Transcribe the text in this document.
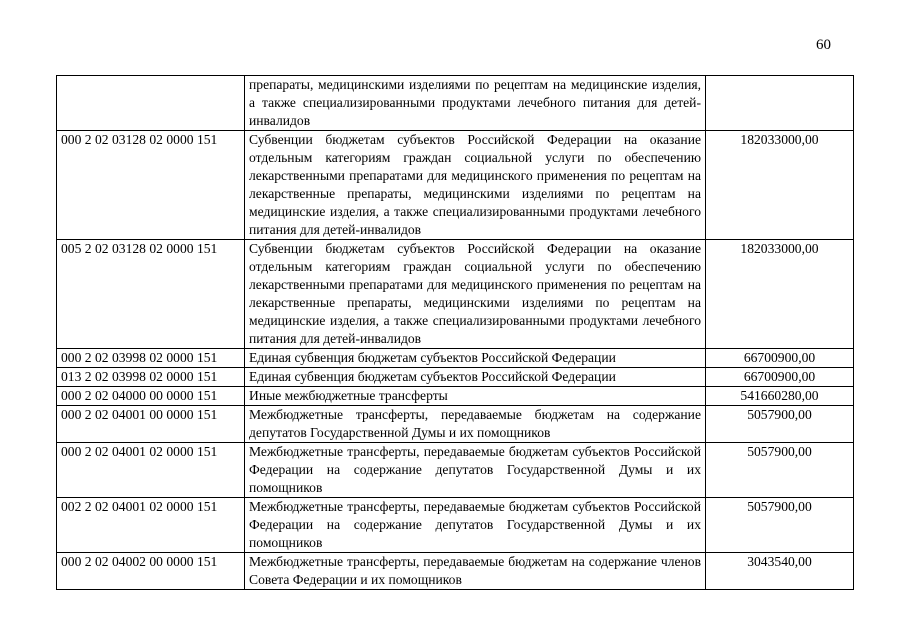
60
	препараты, медицинскими изделиями по рецептам на медицинские изделия, а также специализированными продуктами лечебного питания для детей-инвалидов	
000 2 02 03128 02 0000 151	Субвенции бюджетам субъектов Российской Федерации на оказание отдельным категориям граждан социальной услуги по обеспечению лекарственными препаратами для медицинского применения по рецептам на лекарственные препараты, медицинскими изделиями по рецептам на медицинские изделия, а также специализированными продуктами лечебного питания для детей-инвалидов	182033000,00
005 2 02 03128 02 0000 151	Субвенции бюджетам субъектов Российской Федерации на оказание отдельным категориям граждан социальной услуги по обеспечению лекарственными препаратами для медицинского применения по рецептам на лекарственные препараты, медицинскими изделиями по рецептам на медицинские изделия, а также специализированными продуктами лечебного питания для детей-инвалидов	182033000,00
000 2 02 03998 02 0000 151	Единая субвенция бюджетам субъектов Российской Федерации	66700900,00
013 2 02 03998 02 0000 151	Единая субвенция бюджетам субъектов Российской Федерации	66700900,00
000 2 02 04000 00 0000 151	Иные межбюджетные трансферты	541660280,00
000 2 02 04001 00 0000 151	Межбюджетные трансферты, передаваемые бюджетам на содержание депутатов Государственной Думы и их помощников	5057900,00
000 2 02 04001 02 0000 151	Межбюджетные трансферты, передаваемые бюджетам субъектов Российской Федерации на содержание депутатов Государственной Думы и их помощников	5057900,00
002 2 02 04001 02 0000 151	Межбюджетные трансферты, передаваемые бюджетам субъектов Российской Федерации на содержание депутатов Государственной Думы и их помощников	5057900,00
000 2 02 04002 00 0000 151	Межбюджетные трансферты, передаваемые бюджетам на содержание членов Совета Федерации и их помощников	3043540,00
